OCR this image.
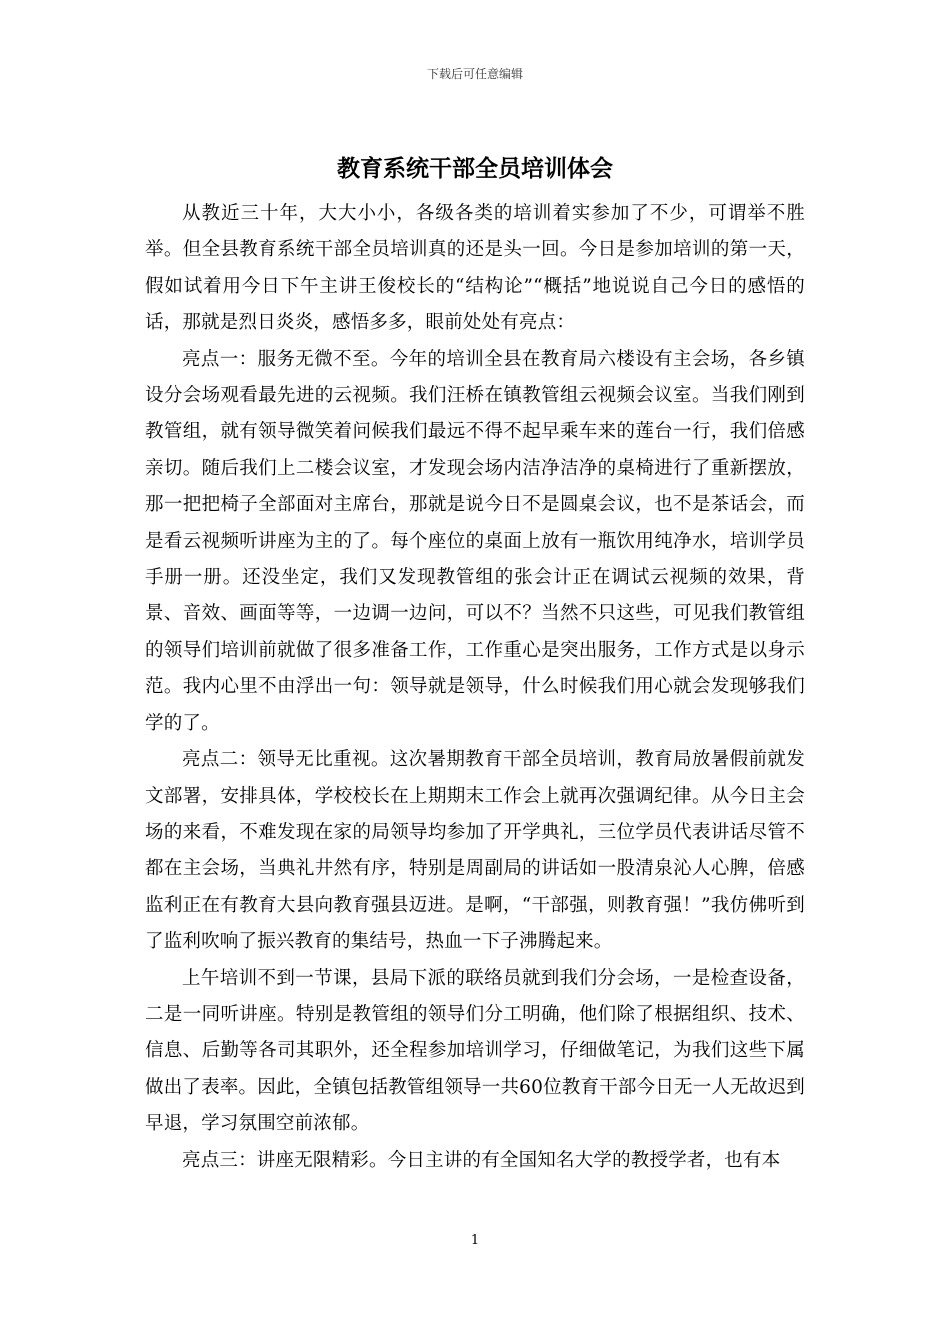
下载后可任意编辑
教育系统干部全员培训体会

从教近三十年，大大小小，各级各类的培训着实参加了不少，可谓举不胜举。但全县教育系统干部全员培训真的还是头一回。今日是参加培训的第一天，假如试着用今日下午主讲王俊校长的“结构论”“概括”地说说自己今日的感悟的话，那就是烈日炎炎，感悟多多，眼前处处有亮点：

亮点一：服务无微不至。今年的培训全县在教育局六楼设有主会场，各乡镇设分会场观看最先进的云视频。我们汪桥在镇教管组云视频会议室。当我们刚到教管组，就有领导微笑着问候我们最远不得不起早乘车来的莲台一行，我们倍感亲切。随后我们上二楼会议室，才发现会场内洁净洁净的桌椅进行了重新摆放，那一把把椅子全部面对主席台，那就是说今日不是圆桌会议，也不是茶话会，而是看云视频听讲座为主的了。每个座位的桌面上放有一瓶饮用纯净水，培训学员手册一册。还没坐定，我们又发现教管组的张会计正在调试云视频的效果，背景、音效、画面等等，一边调一边问，可以不？当然不只这些，可见我们教管组的领导们培训前就做了很多准备工作，工作重心是突出服务，工作方式是以身示范。我内心里不由浮出一句：领导就是领导，什么时候我们用心就会发现够我们学的了。

亮点二：领导无比重视。这次暑期教育干部全员培训，教育局放暑假前就发文部署，安排具体，学校校长在上期期末工作会上就再次强调纪律。从今日主会场的来看，不难发现在家的局领导均参加了开学典礼，三位学员代表讲话尽管不都在主会场，当典礼井然有序，特别是周副局的讲话如一股清泉沁人心脾，倍感监利正在有教育大县向教育强县迈进。是啊，“干部强，则教育强！”我仿佛听到了监利吹响了振兴教育的集结号，热血一下子沸腾起来。

上午培训不到一节课，县局下派的联络员就到我们分会场，一是检查设备，二是一同听讲座。特别是教管组的领导们分工明确，他们除了根据组织、技术、信息、后勤等各司其职外，还全程参加培训学习，仔细做笔记，为我们这些下属做出了表率。因此，全镇包括教管组领导一共60位教育干部今日无一人无故迟到早退，学习氛围空前浓郁。

亮点三：讲座无限精彩。今日主讲的有全国知名大学的教授学者，也有本

1
